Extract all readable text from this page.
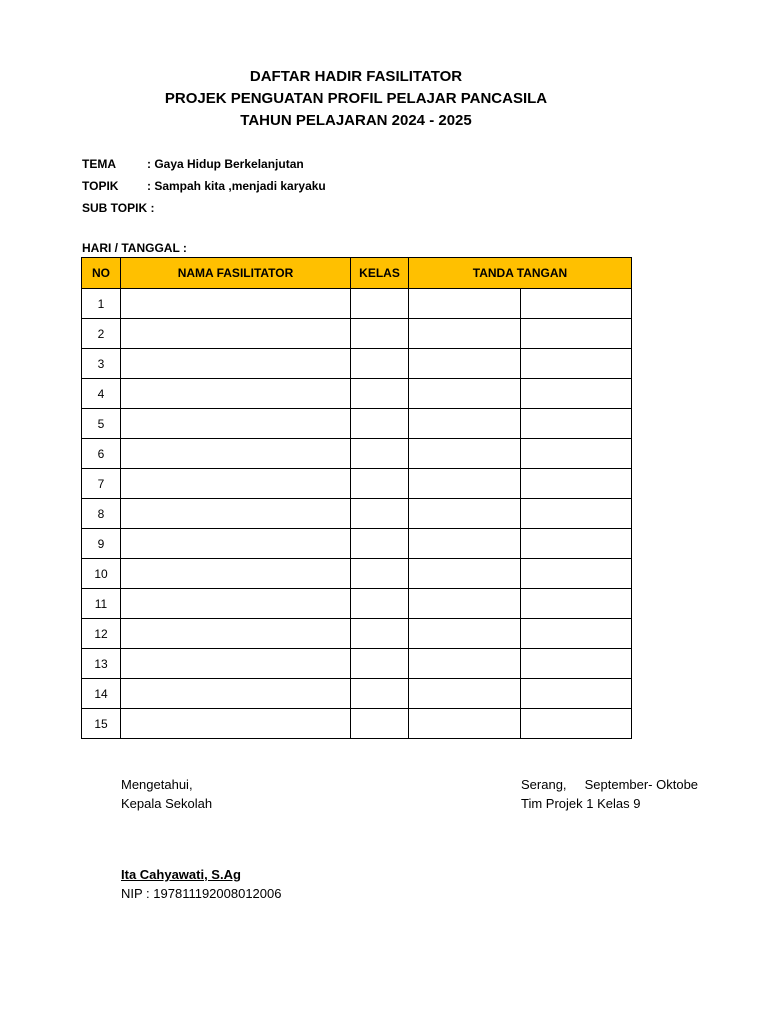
DAFTAR HADIR FASILITATOR
PROJEK PENGUATAN PROFIL PELAJAR PANCASILA
TAHUN PELAJARAN 2024 - 2025
TEMA	: Gaya Hidup Berkelanjutan
TOPIK : Sampah kita ,menjadi karyaku
SUB TOPIK :
HARI / TANGGAL :
NO	NAMA FASILITATOR	KELAS	TANDA TANGAN	
1				
2				
3				
4				
5				
6				
7				
8				
9				
10				
11				
12				
13				
14				
15				
Mengetahui,
Kepala Sekolah
Serang,     September- Oktobe
Tim Projek 1 Kelas 9
Ita Cahyawati, S.Ag
NIP : 197811192008012006
